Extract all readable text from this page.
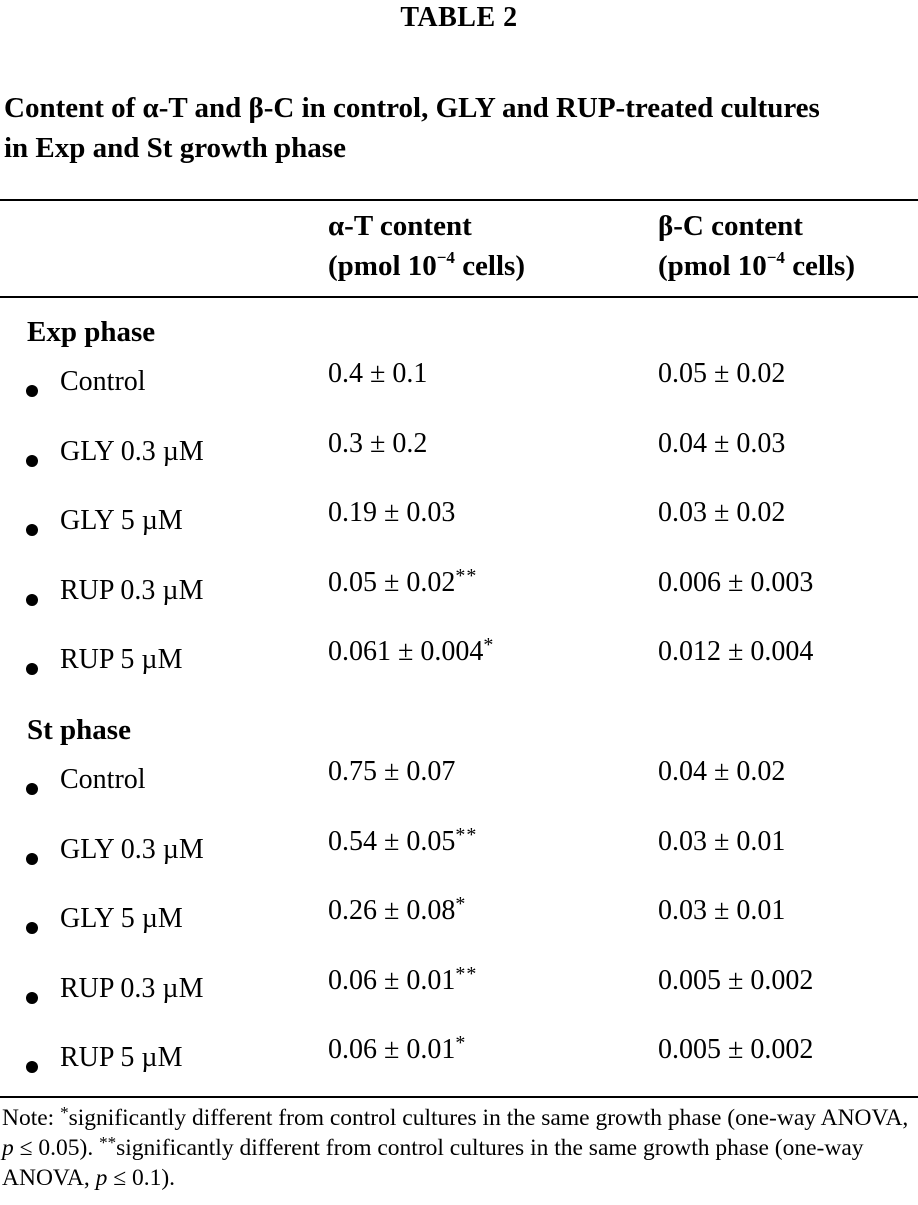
TABLE 2
Content of α-T and β-C in control, GLY and RUP-treated cultures
in Exp and St growth phase
α-T content
(pmol $10^{-4}$ cells)
β-C content
(pmol $10^{-4}$ cells)
Exp phase
Control	0.4 ± 0.1	0.05 ± 0.02
GLY 0.3 µM	0.3 ± 0.2	0.04 ± 0.03
GLY 5 µM	0.19 ± 0.03	0.03 ± 0.02
RUP 0.3 µM	0.05 ± 0.02**	0.006 ± 0.003
RUP 5 µM	0.061 ± 0.004*	0.012 ± 0.004
St phase
Control	0.75 ± 0.07	0.04 ± 0.02
GLY 0.3 µM	0.54 ± 0.05**	0.03 ± 0.01
GLY 5 µM	0.26 ± 0.08*	0.03 ± 0.01
RUP 0.3 µM	0.06 ± 0.01**	0.005 ± 0.002
RUP 5 µM	0.06 ± 0.01*	0.005 ± 0.002
Note: *significantly different from control cultures in the same growth phase (one-way ANOVA, p ≤ 0.05). **significantly different from control cultures in the same growth phase (one-way ANOVA, p ≤ 0.1).
